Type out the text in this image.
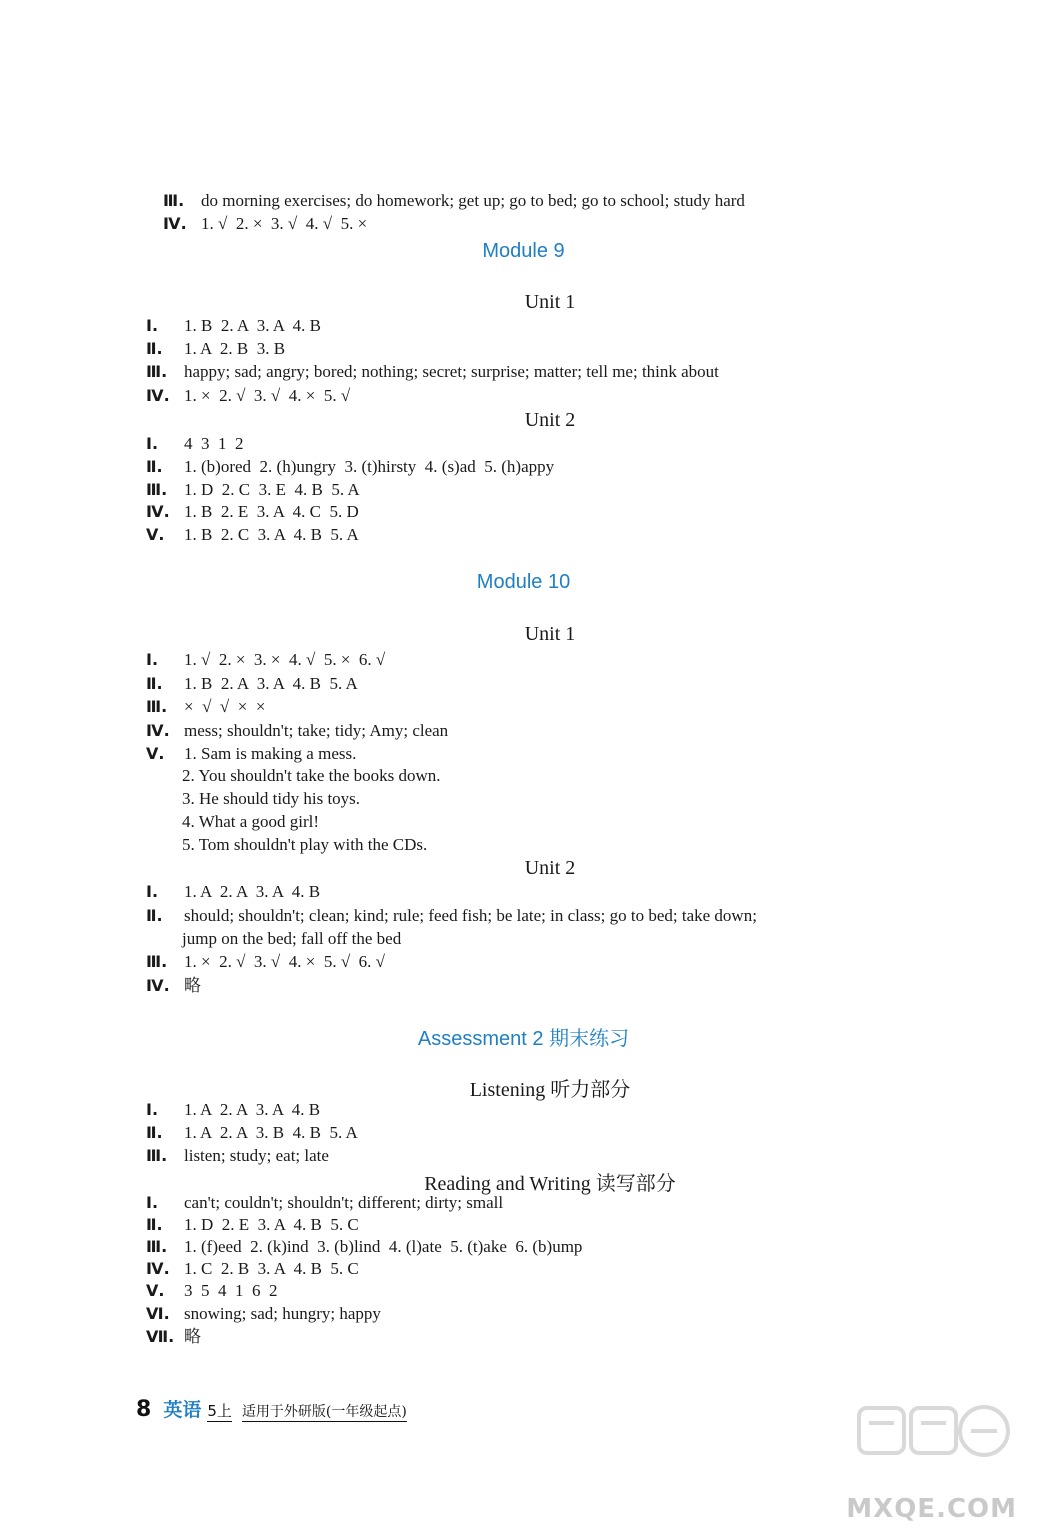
Ⅲ. do morning exercises; do homework; get up; go to bed; go to school; study hard

Ⅳ. 1. √  2. ×  3. √  4. √  5. ×

Module 9
Unit 1
Ⅰ. 1. B  2. A  3. A  4. B
Ⅱ. 1. A  2. B  3. B
Ⅲ. happy; sad; angry; bored; nothing; secret; surprise; matter; tell me; think about
Ⅳ. 1. ×  2. √  3. √  4. ×  5. √
Unit 2
Ⅰ. 4  3  1  2
Ⅱ. 1. (b)ored  2. (h)ungry  3. (t)hirsty  4. (s)ad  5. (h)appy
Ⅲ. 1. D  2. C  3. E  4. B  5. A
Ⅳ. 1. B  2. E  3. A  4. C  5. D
Ⅴ. 1. B  2. C  3. A  4. B  5. A
Module 10
Unit 1
Ⅰ. 1. √  2. ×  3. ×  4. √  5. ×  6. √
Ⅱ. 1. B  2. A  3. A  4. B  5. A
Ⅲ. ×  √  √  ×  ×
Ⅳ. mess; shouldn't; take; tidy; Amy; clean
Ⅴ. 1. Sam is making a mess.
2. You shouldn't take the books down.
3. He should tidy his toys.
4. What a good girl!
5. Tom shouldn't play with the CDs.
Unit 2
Ⅰ. 1. A  2. A  3. A  4. B
Ⅱ. should; shouldn't; clean; kind; rule; feed fish; be late; in class; go to bed; take down;
jump on the bed; fall off the bed
Ⅲ. 1. ×  2. √  3. √  4. ×  5. √  6. √
Ⅳ. 略
Assessment 2 期末练习
Listening 听力部分
Ⅰ. 1. A  2. A  3. A  4. B
Ⅱ. 1. A  2. A  3. B  4. B  5. A
Ⅲ. listen; study; eat; late
Reading and Writing 读写部分
Ⅰ. can't; couldn't; shouldn't; different; dirty; small
Ⅱ. 1. D  2. E  3. A  4. B  5. C
Ⅲ. 1. (f)eed  2. (k)ind  3. (b)lind  4. (l)ate  5. (t)ake  6. (b)ump
Ⅳ. 1. C  2. B  3. A  4. B  5. C
Ⅴ. 3  5  4  1  6  2
Ⅵ. snowing; sad; hungry; happy
Ⅶ. 略
8 英语 5上 适用于外研版(一年级起点)
MXQE.COM
